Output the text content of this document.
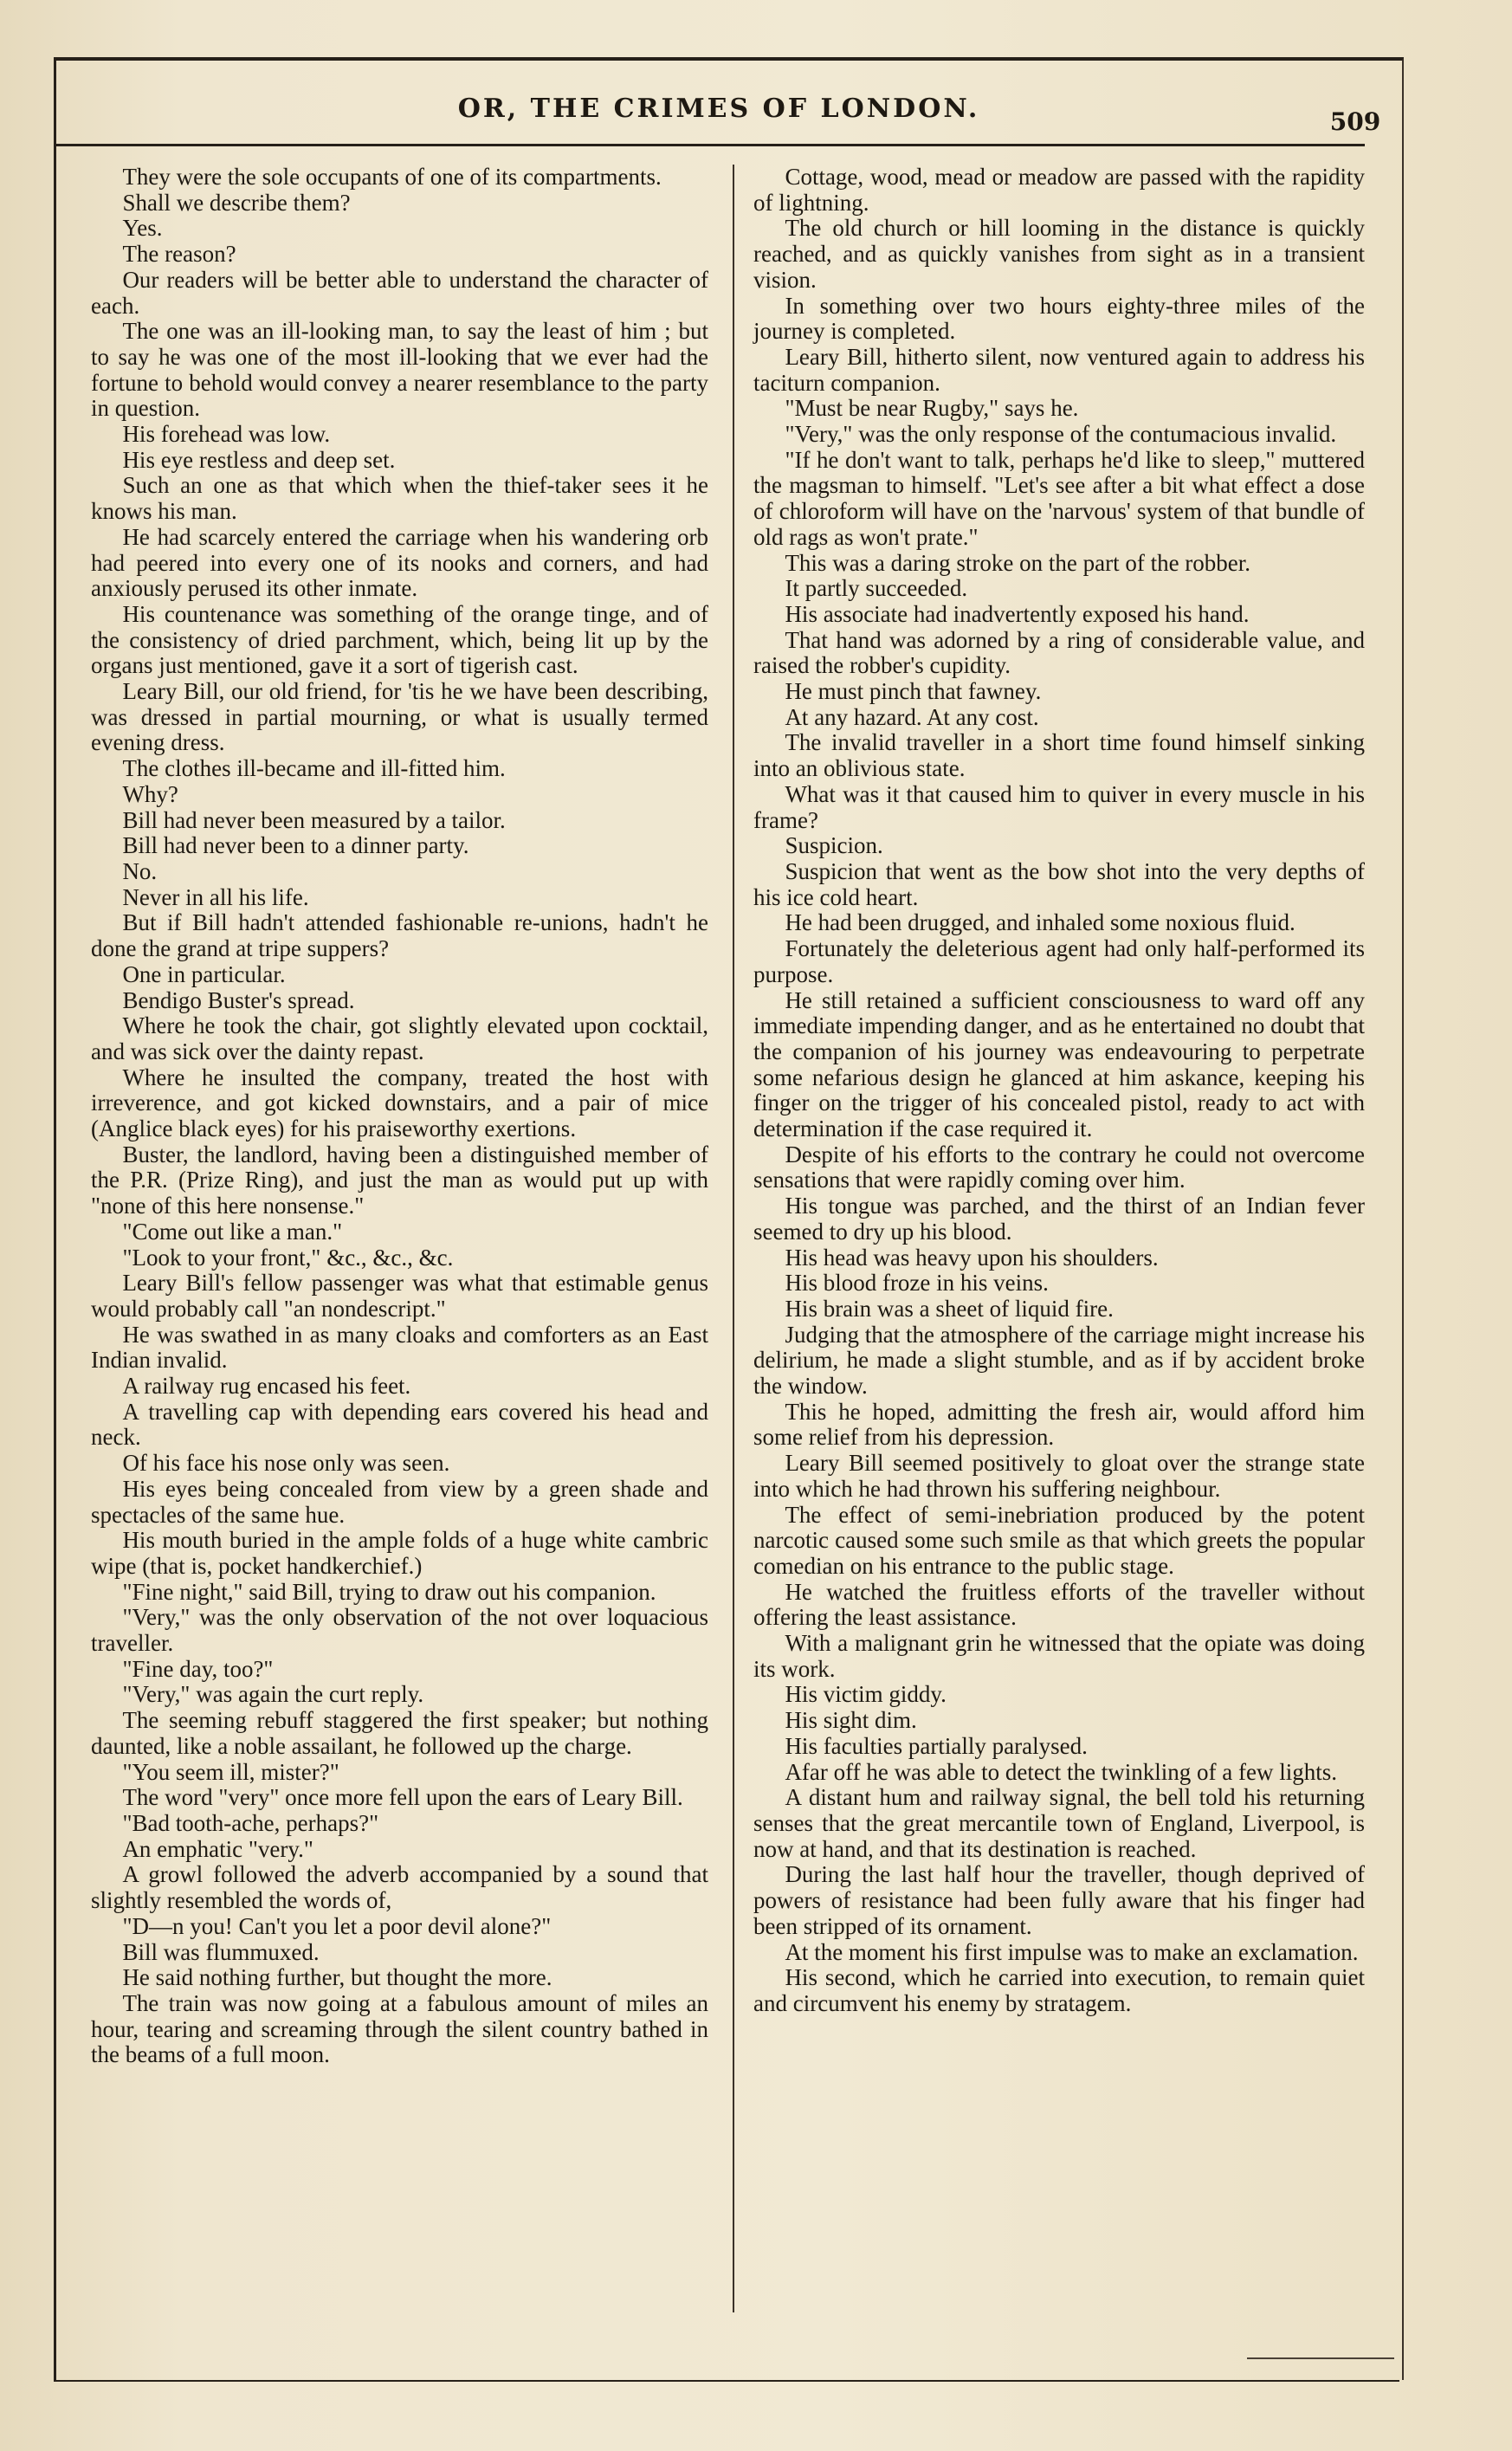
OR, THE CRIMES OF LONDON.	509

They were the sole occupants of one of its compartments.

Shall we describe them?

Yes.

The reason?

Our readers will be better able to understand the character of each.

The one was an ill-looking man, to say the least of him ; but to say he was one of the most ill-looking that we ever had the fortune to behold would convey a nearer resemblance to the party in question.

His forehead was low.

His eye restless and deep set.

Such an one as that which when the thief-taker sees it he knows his man.

He had scarcely entered the carriage when his wandering orb had peered into every one of its nooks and corners, and had anxiously perused its other inmate.

His countenance was something of the orange tinge, and of the consistency of dried parchment, which, being lit up by the organs just mentioned, gave it a sort of tigerish cast.

Leary Bill, our old friend, for 'tis he we have been describing, was dressed in partial mourning, or what is usually termed evening dress.

The clothes ill-became and ill-fitted him.

Why?

Bill had never been measured by a tailor.

Bill had never been to a dinner party.

No.

Never in all his life.

But if Bill hadn't attended fashionable re-unions, hadn't he done the grand at tripe suppers?

One in particular.

Bendigo Buster's spread.

Where he took the chair, got slightly elevated upon cocktail, and was sick over the dainty repast.

Where he insulted the company, treated the host with irreverence, and got kicked downstairs, and a pair of mice (Anglice black eyes) for his praiseworthy exertions.

Buster, the landlord, having been a distinguished member of the P.R. (Prize Ring), and just the man as would put up with "none of this here nonsense."

"Come out like a man."

"Look to your front," &c., &c., &c.

Leary Bill's fellow passenger was what that estimable genus would probably call "an nondescript."

He was swathed in as many cloaks and comforters as an East Indian invalid.

A railway rug encased his feet.

A travelling cap with depending ears covered his head and neck.

Of his face his nose only was seen.

His eyes being concealed from view by a green shade and spectacles of the same hue.

His mouth buried in the ample folds of a huge white cambric wipe (that is, pocket handkerchief.)

"Fine night," said Bill, trying to draw out his companion.

"Very," was the only observation of the not over loquacious traveller.

"Fine day, too?"

"Very," was again the curt reply.

The seeming rebuff staggered the first speaker; but nothing daunted, like a noble assailant, he followed up the charge.

"You seem ill, mister?"

The word "very" once more fell upon the ears of Leary Bill.

"Bad tooth-ache, perhaps?"

An emphatic "very."

A growl followed the adverb accompanied by a sound that slightly resembled the words of,

"D—n you! Can't you let a poor devil alone?"

Bill was flummuxed.

He said nothing further, but thought the more.

The train was now going at a fabulous amount of miles an hour, tearing and screaming through the silent country bathed in the beams of a full moon.

Cottage, wood, mead or meadow are passed with the rapidity of lightning.

The old church or hill looming in the distance is quickly reached, and as quickly vanishes from sight as in a transient vision.

In something over two hours eighty-three miles of the journey is completed.

Leary Bill, hitherto silent, now ventured again to address his taciturn companion.

"Must be near Rugby," says he.

"Very," was the only response of the contumacious invalid.

"If he don't want to talk, perhaps he'd like to sleep," muttered the magsman to himself. "Let's see after a bit what effect a dose of chloroform will have on the 'narvous' system of that bundle of old rags as won't prate."

This was a daring stroke on the part of the robber.

It partly succeeded.

His associate had inadvertently exposed his hand.

That hand was adorned by a ring of considerable value, and raised the robber's cupidity.

He must pinch that fawney.

At any hazard. At any cost.

The invalid traveller in a short time found himself sinking into an oblivious state.

What was it that caused him to quiver in every muscle in his frame?

Suspicion.

Suspicion that went as the bow shot into the very depths of his ice cold heart.

He had been drugged, and inhaled some noxious fluid.

Fortunately the deleterious agent had only half-performed its purpose.

He still retained a sufficient consciousness to ward off any immediate impending danger, and as he entertained no doubt that the companion of his journey was endeavouring to perpetrate some nefarious design he glanced at him askance, keeping his finger on the trigger of his concealed pistol, ready to act with determination if the case required it.

Despite of his efforts to the contrary he could not overcome sensations that were rapidly coming over him.

His tongue was parched, and the thirst of an Indian fever seemed to dry up his blood.

His head was heavy upon his shoulders.

His blood froze in his veins.

His brain was a sheet of liquid fire.

Judging that the atmosphere of the carriage might increase his delirium, he made a slight stumble, and as if by accident broke the window.

This he hoped, admitting the fresh air, would afford him some relief from his depression.

Leary Bill seemed positively to gloat over the strange state into which he had thrown his suffering neighbour.

The effect of semi-inebriation produced by the potent narcotic caused some such smile as that which greets the popular comedian on his entrance to the public stage.

He watched the fruitless efforts of the traveller without offering the least assistance.

With a malignant grin he witnessed that the opiate was doing its work.

His victim giddy.

His sight dim.

His faculties partially paralysed.

Afar off he was able to detect the twinkling of a few lights.

A distant hum and railway signal, the bell told his returning senses that the great mercantile town of England, Liverpool, is now at hand, and that its destination is reached.

During the last half hour the traveller, though deprived of powers of resistance had been fully aware that his finger had been stripped of its ornament.

At the moment his first impulse was to make an exclamation.

His second, which he carried into execution, to remain quiet and circumvent his enemy by stratagem.
